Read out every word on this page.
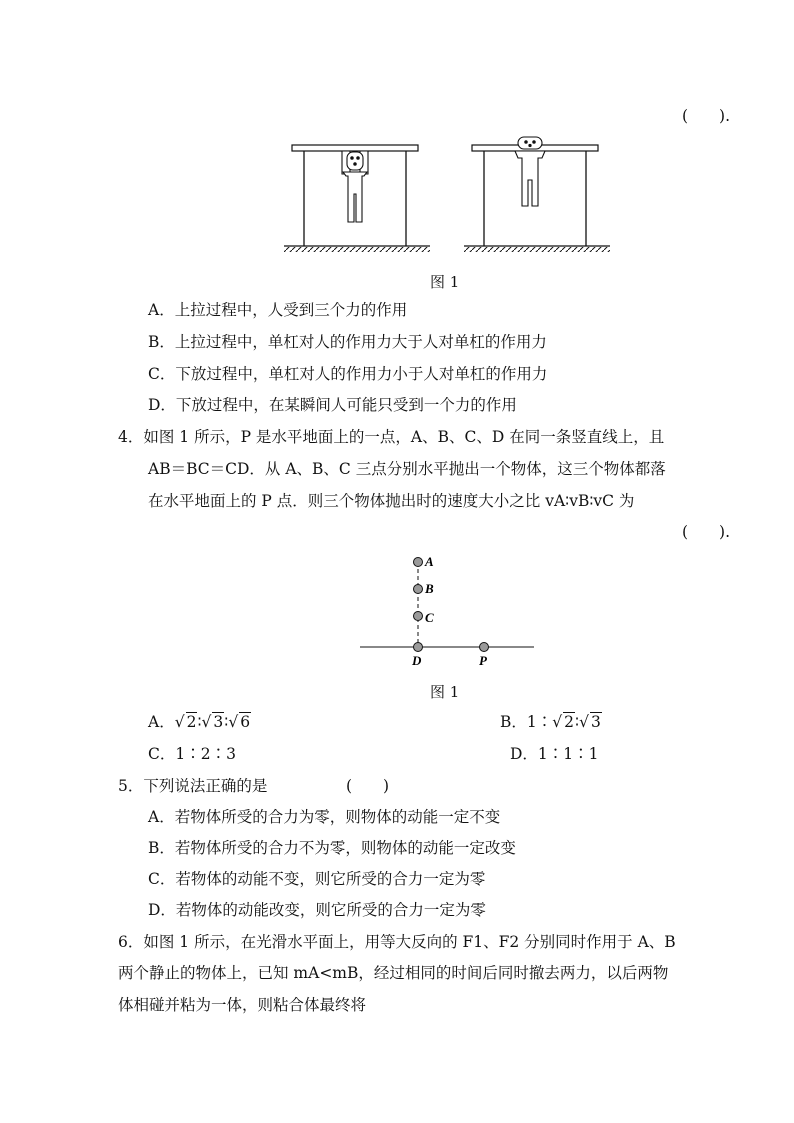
(　　).
图 1
A．上拉过程中，人受到三个力的作用
B．上拉过程中，单杠对人的作用力大于人对单杠的作用力
C．下放过程中，单杠对人的作用力小于人对单杠的作用力
D．下放过程中，在某瞬间人可能只受到一个力的作用
4．如图 1 所示，P 是水平地面上的一点，A、B、C、D 在同一条竖直线上，且
AB＝BC＝CD．从 A、B、C 三点分别水平抛出一个物体，这三个物体都落
在水平地面上的 P 点．则三个物体抛出时的速度大小之比 vA∶vB∶vC 为
(　　).
A
B
C
D	P
图 1
A．√ 2∶√ 3∶√ 6	B．1∶√ 2∶√ 3
C．1∶2∶3	D．1∶1∶1
5．下列说法正确的是	(　　)
A．若物体所受的合力为零，则物体的动能一定不变
B．若物体所受的合力不为零，则物体的动能一定改变
C．若物体的动能不变，则它所受的合力一定为零
D．若物体的动能改变，则它所受的合力一定为零
6．如图 1 所示，在光滑水平面上，用等大反向的 F1、F2 分别同时作用于 A、B
两个静止的物体上，已知 mA<mB，经过相同的时间后同时撤去两力，以后两物
体相碰并粘为一体，则粘合体最终将
